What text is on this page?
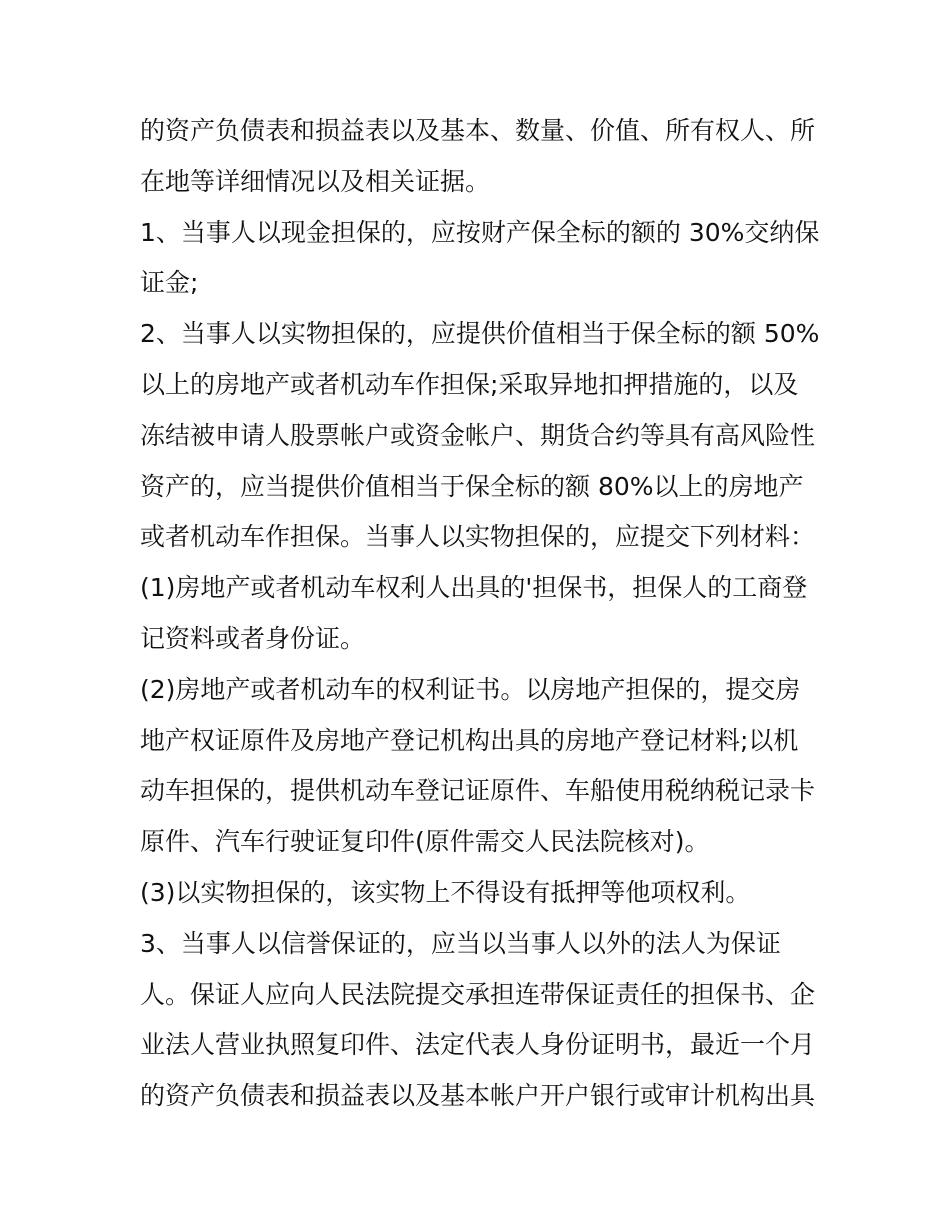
的资产负债表和损益表以及基本、数量、价值、所有权人、所
在地等详细情况以及相关证据。
1、当事人以现金担保的，应按财产保全标的额的 30%交纳保
证金;
2、当事人以实物担保的，应提供价值相当于保全标的额 50%
以上的房地产或者机动车作担保;采取异地扣押措施的，以及
冻结被申请人股票帐户或资金帐户、期货合约等具有高风险性
资产的，应当提供价值相当于保全标的额 80%以上的房地产
或者机动车作担保。当事人以实物担保的，应提交下列材料：
(1)房地产或者机动车权利人出具的'担保书，担保人的工商登
记资料或者身份证。
(2)房地产或者机动车的权利证书。以房地产担保的，提交房
地产权证原件及房地产登记机构出具的房地产登记材料;以机
动车担保的，提供机动车登记证原件、车船使用税纳税记录卡
原件、汽车行驶证复印件(原件需交人民法院核对)。
(3)以实物担保的，该实物上不得设有抵押等他项权利。
3、当事人以信誉保证的，应当以当事人以外的法人为保证
人。保证人应向人民法院提交承担连带保证责任的担保书、企
业法人营业执照复印件、法定代表人身份证明书，最近一个月
的资产负债表和损益表以及基本帐户开户银行或审计机构出具
